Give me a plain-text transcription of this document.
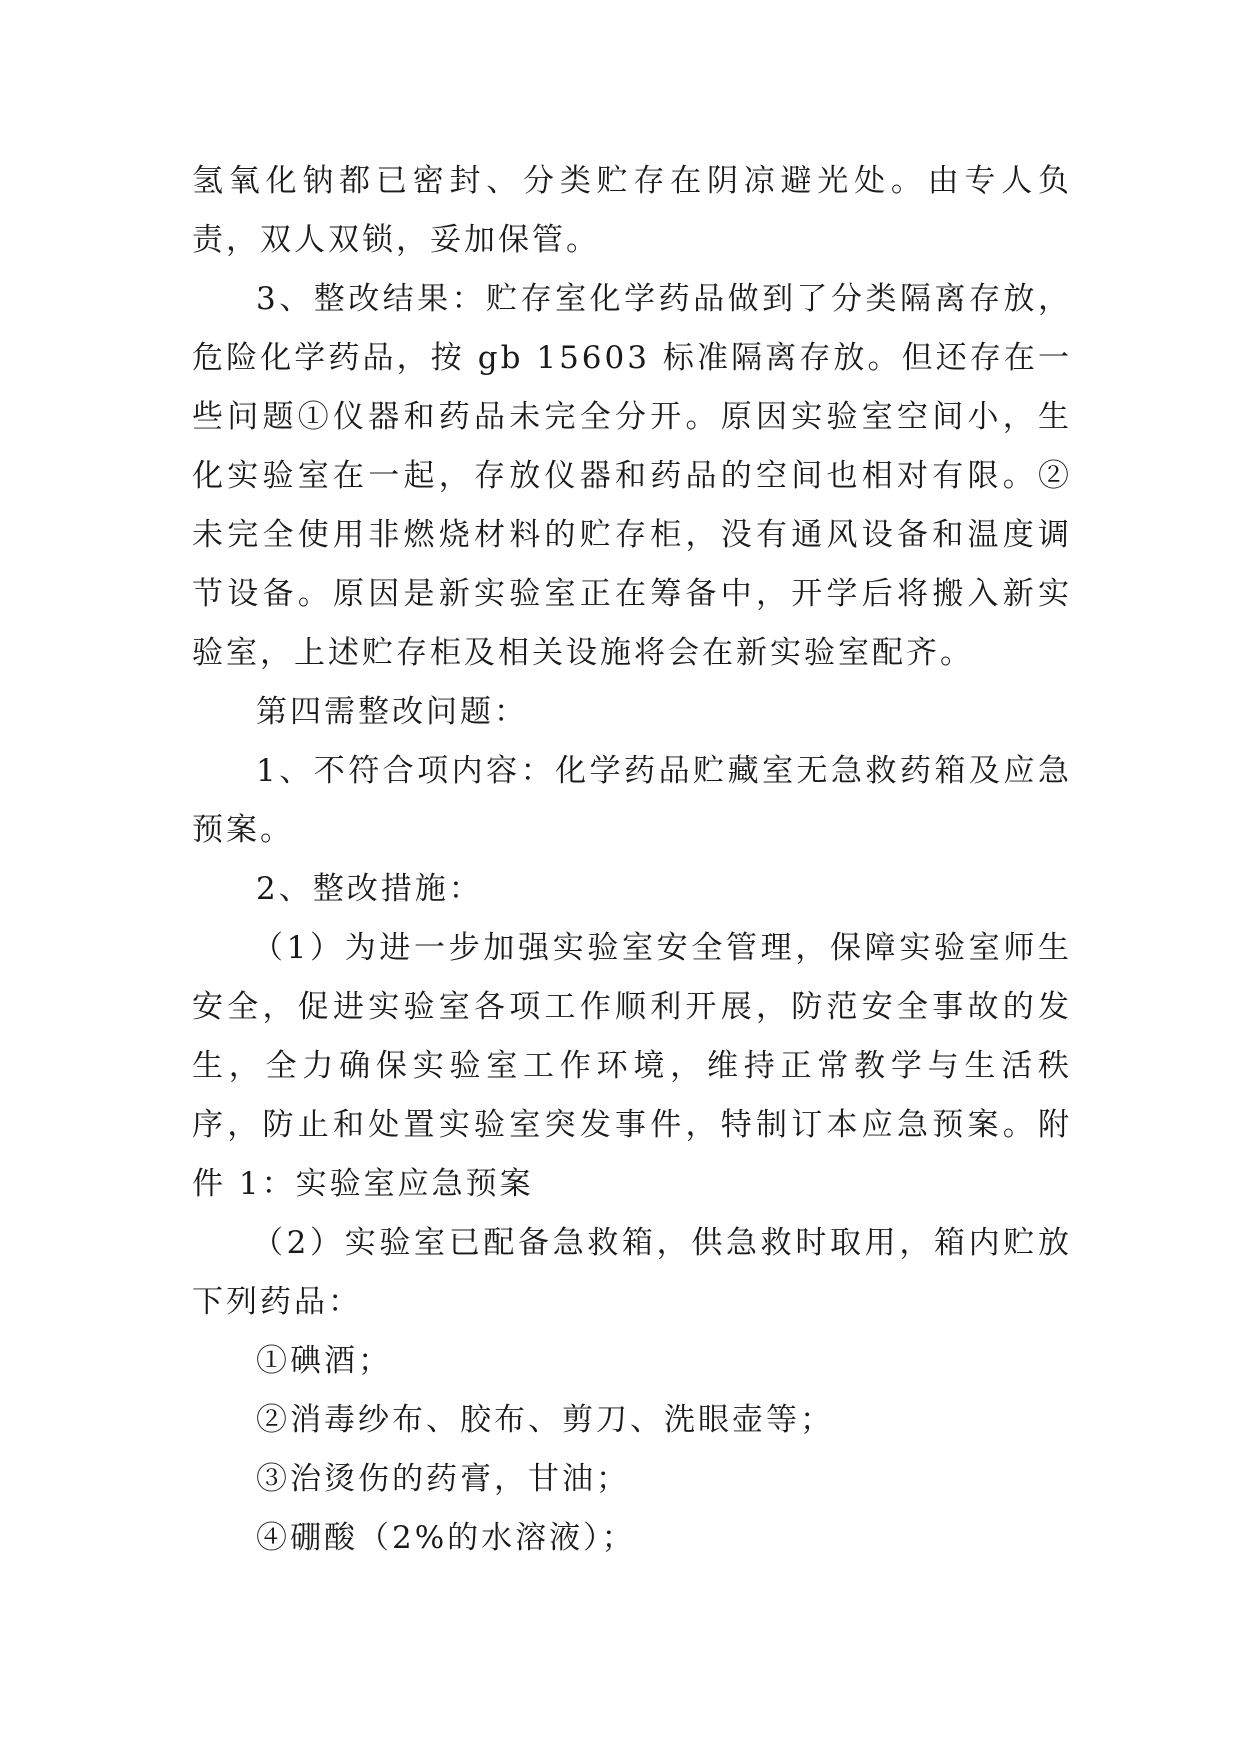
氢氧化钠都已密封、分类贮存在阴凉避光处。由专人负责，双人双锁，妥加保管。

3、整改结果：贮存室化学药品做到了分类隔离存放，危险化学药品，按 gb 15603 标准隔离存放。但还存在一些问题①仪器和药品未完全分开。原因实验室空间小，生化实验室在一起，存放仪器和药品的空间也相对有限。②未完全使用非燃烧材料的贮存柜，没有通风设备和温度调节设备。原因是新实验室正在筹备中，开学后将搬入新实验室，上述贮存柜及相关设施将会在新实验室配齐。

第四需整改问题：

1、不符合项内容：化学药品贮藏室无急救药箱及应急预案。

2、整改措施：

（1）为进一步加强实验室安全管理，保障实验室师生安全，促进实验室各项工作顺利开展，防范安全事故的发生，全力确保实验室工作环境，维持正常教学与生活秩序，防止和处置实验室突发事件，特制订本应急预案。附件 1：实验室应急预案

（2）实验室已配备急救箱，供急救时取用，箱内贮放下列药品：

①碘酒；

②消毒纱布、胶布、剪刀、洗眼壶等；

③治烫伤的药膏，甘油；

④硼酸（2%的水溶液）；
